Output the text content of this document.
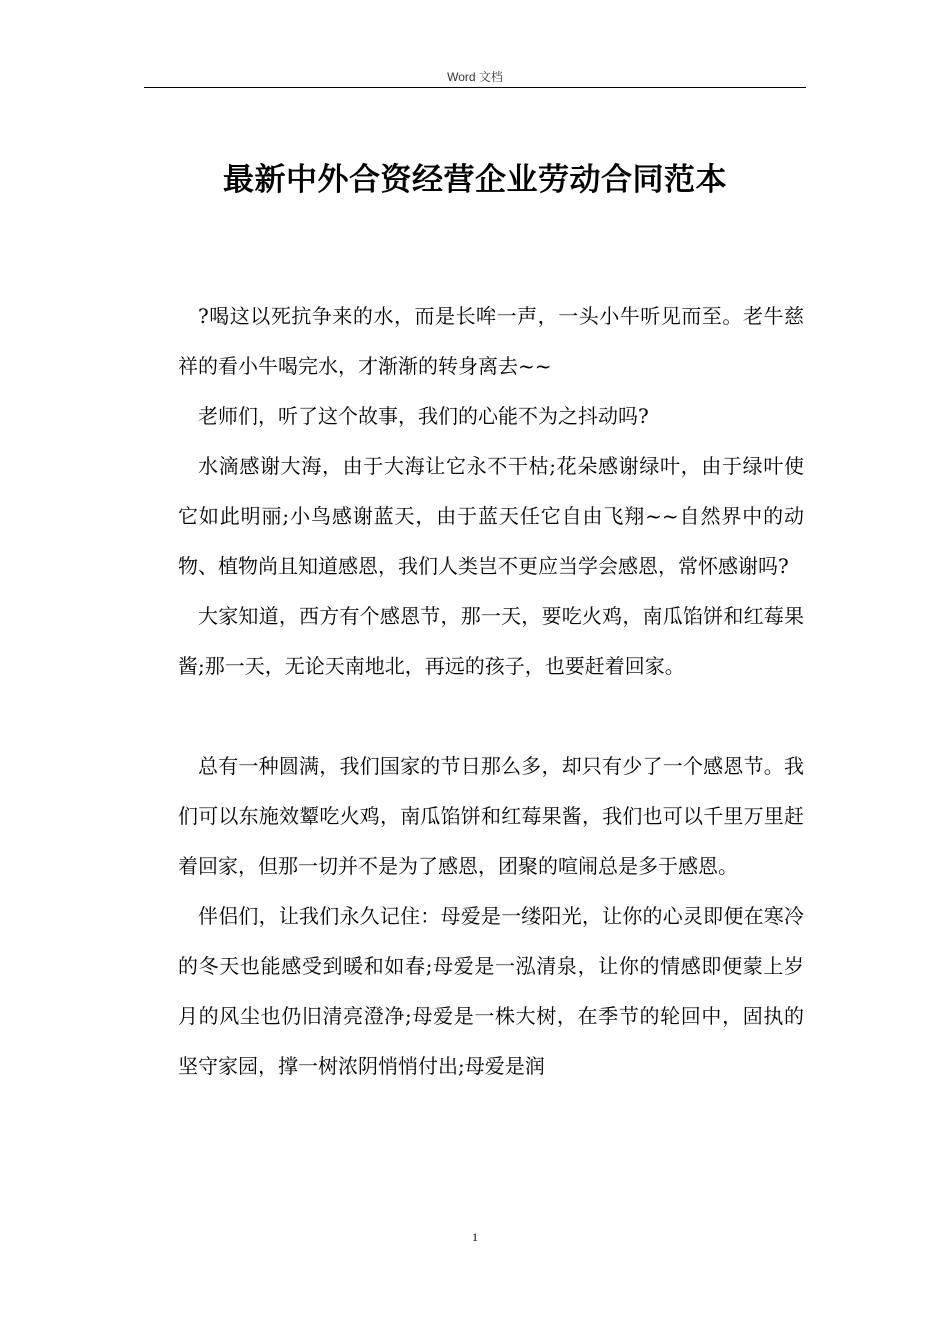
Word 文档
最新中外合资经营企业劳动合同范本

?喝这以死抗争来的水，而是长哞一声，一头小牛听见而至。老牛慈祥的看小牛喝完水，才渐渐的转身离去~~

老师们，听了这个故事，我们的心能不为之抖动吗?

水滴感谢大海，由于大海让它永不干枯;花朵感谢绿叶，由于绿叶使它如此明丽;小鸟感谢蓝天，由于蓝天任它自由飞翔~~自然界中的动物、植物尚且知道感恩，我们人类岂不更应当学会感恩，常怀感谢吗?

大家知道，西方有个感恩节，那一天，要吃火鸡，南瓜馅饼和红莓果酱;那一天，无论天南地北，再远的孩子，也要赶着回家。

总有一种圆满，我们国家的节日那么多，却只有少了一个感恩节。我们可以东施效颦吃火鸡，南瓜馅饼和红莓果酱，我们也可以千里万里赶着回家，但那一切并不是为了感恩，团聚的喧闹总是多于感恩。

伴侣们，让我们永久记住：母爱是一缕阳光，让你的心灵即便在寒冷的冬天也能感受到暖和如春;母爱是一泓清泉，让你的情感即便蒙上岁月的风尘也仍旧清亮澄净;母爱是一株大树，在季节的轮回中，固执的坚守家园，撑一树浓阴悄悄付出;母爱是润

1
